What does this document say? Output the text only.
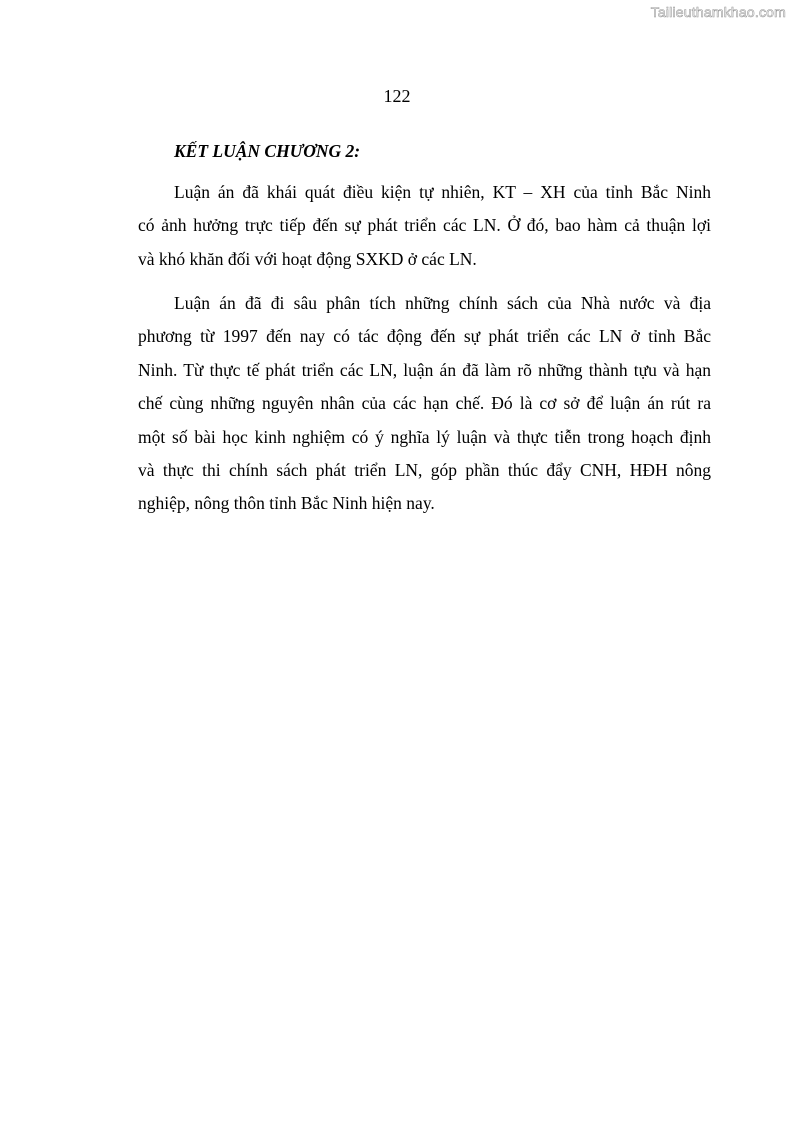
Tailieuthamkhao.com
122
KẾT LUẬN CHƯƠNG 2:
Luận án đã khái quát điều kiện tự nhiên, KT – XH của tỉnh Bắc Ninh
có ảnh hưởng trực tiếp đến sự phát triển các LN. Ở đó, bao hàm cả thuận lợi
và khó khăn đối với hoạt động SXKD ở các LN.
Luận án đã đi sâu phân tích những chính sách của Nhà nước và địa
phương từ 1997 đến nay có tác động đến sự phát triển các LN ở tỉnh Bắc
Ninh. Từ thực tế phát triển các LN, luận án đã làm rõ những thành tựu và hạn
chế cùng những nguyên nhân của các hạn chế. Đó là cơ sở để luận án rút ra
một số bài học kinh nghiệm có ý nghĩa lý luận và thực tiễn trong hoạch định
và thực thi chính sách phát triển LN, góp phần thúc đẩy CNH, HĐH nông
nghiệp, nông thôn tỉnh Bắc Ninh hiện nay.
